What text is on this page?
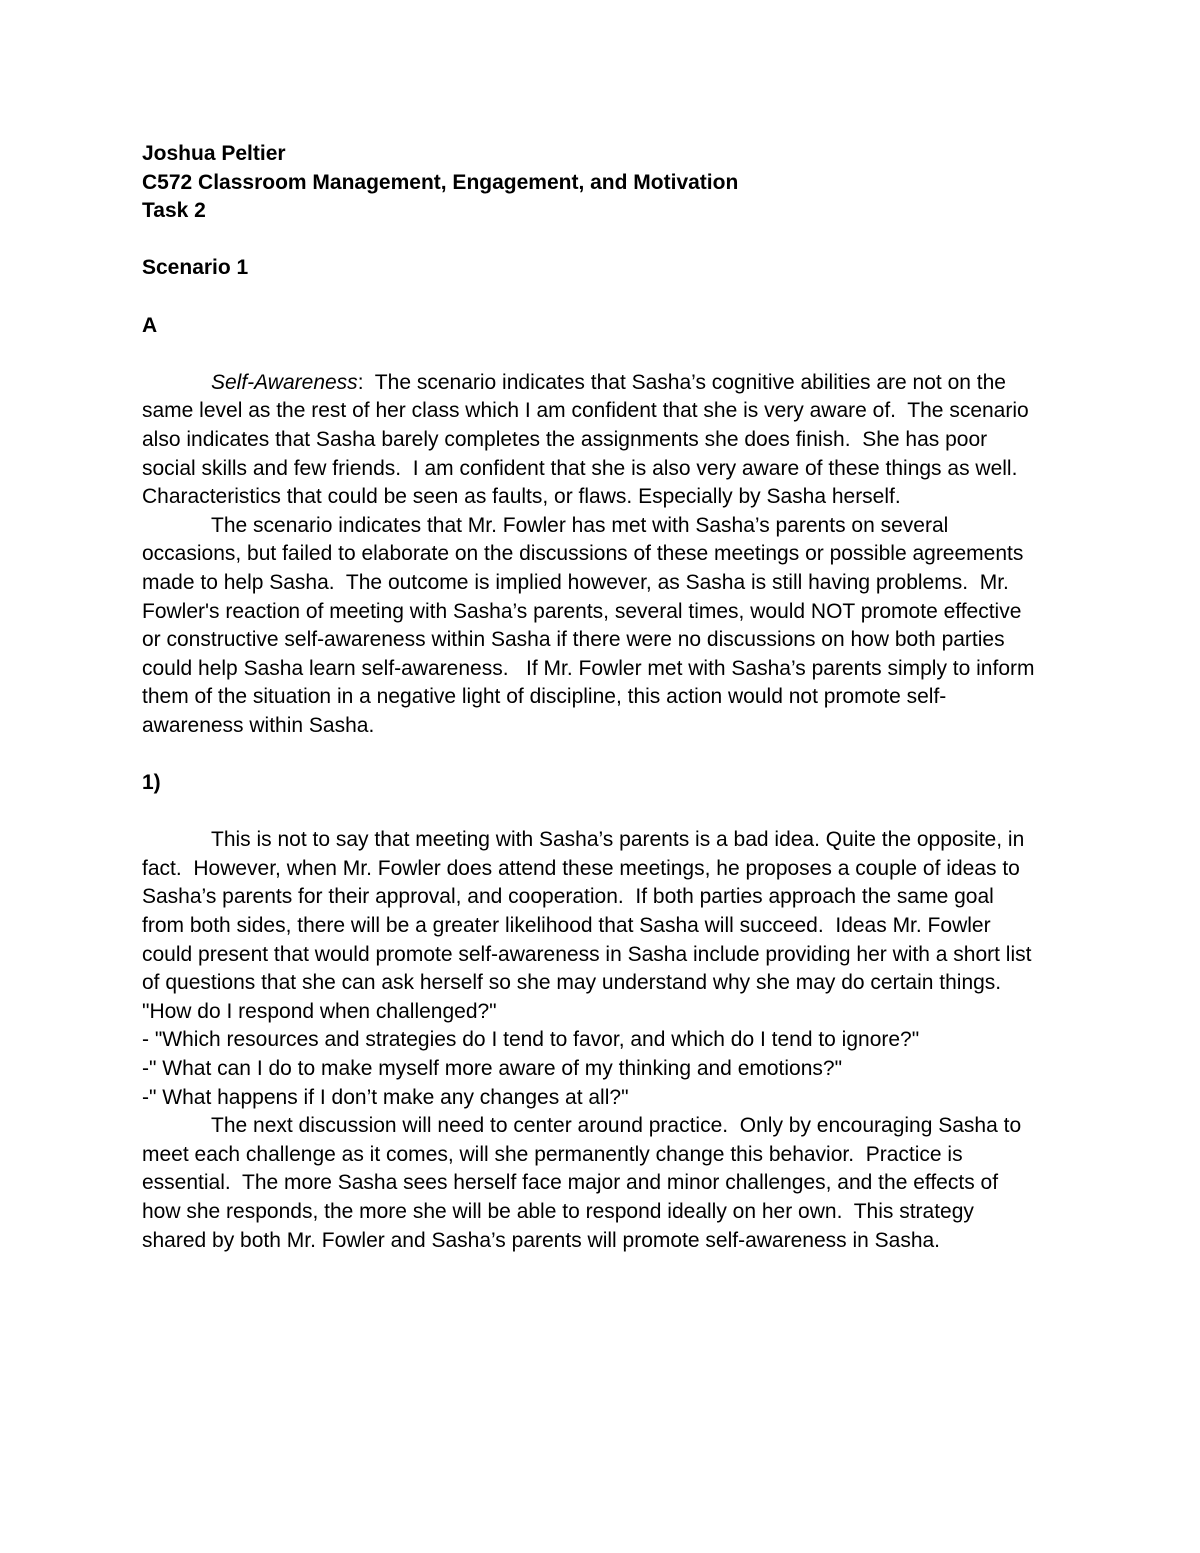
Joshua Peltier
C572 Classroom Management, Engagement, and Motivation
Task 2
Scenario 1
A
Self-Awareness:  The scenario indicates that Sasha’s cognitive abilities are not on the
same level as the rest of her class which I am confident that she is very aware of.  The scenario
also indicates that Sasha barely completes the assignments she does finish.  She has poor
social skills and few friends.  I am confident that she is also very aware of these things as well.
Characteristics that could be seen as faults, or flaws. Especially by Sasha herself.
The scenario indicates that Mr. Fowler has met with Sasha’s parents on several
occasions, but failed to elaborate on the discussions of these meetings or possible agreements
made to help Sasha.  The outcome is implied however, as Sasha is still having problems.  Mr.
Fowler's reaction of meeting with Sasha’s parents, several times, would NOT promote effective
or constructive self-awareness within Sasha if there were no discussions on how both parties
could help Sasha learn self-awareness.   If Mr. Fowler met with Sasha’s parents simply to inform
them of the situation in a negative light of discipline, this action would not promote self-
awareness within Sasha.
1)
This is not to say that meeting with Sasha’s parents is a bad idea. Quite the opposite, in
fact.  However, when Mr. Fowler does attend these meetings, he proposes a couple of ideas to
Sasha’s parents for their approval, and cooperation.  If both parties approach the same goal
from both sides, there will be a greater likelihood that Sasha will succeed.  Ideas Mr. Fowler
could present that would promote self-awareness in Sasha include providing her with a short list
of questions that she can ask herself so she may understand why she may do certain things.
"How do I respond when challenged?"
- "Which resources and strategies do I tend to favor, and which do I tend to ignore?"
-" What can I do to make myself more aware of my thinking and emotions?"
-" What happens if I don’t make any changes at all?"
The next discussion will need to center around practice.  Only by encouraging Sasha to
meet each challenge as it comes, will she permanently change this behavior.  Practice is
essential.  The more Sasha sees herself face major and minor challenges, and the effects of
how she responds, the more she will be able to respond ideally on her own.  This strategy
shared by both Mr. Fowler and Sasha’s parents will promote self-awareness in Sasha.
